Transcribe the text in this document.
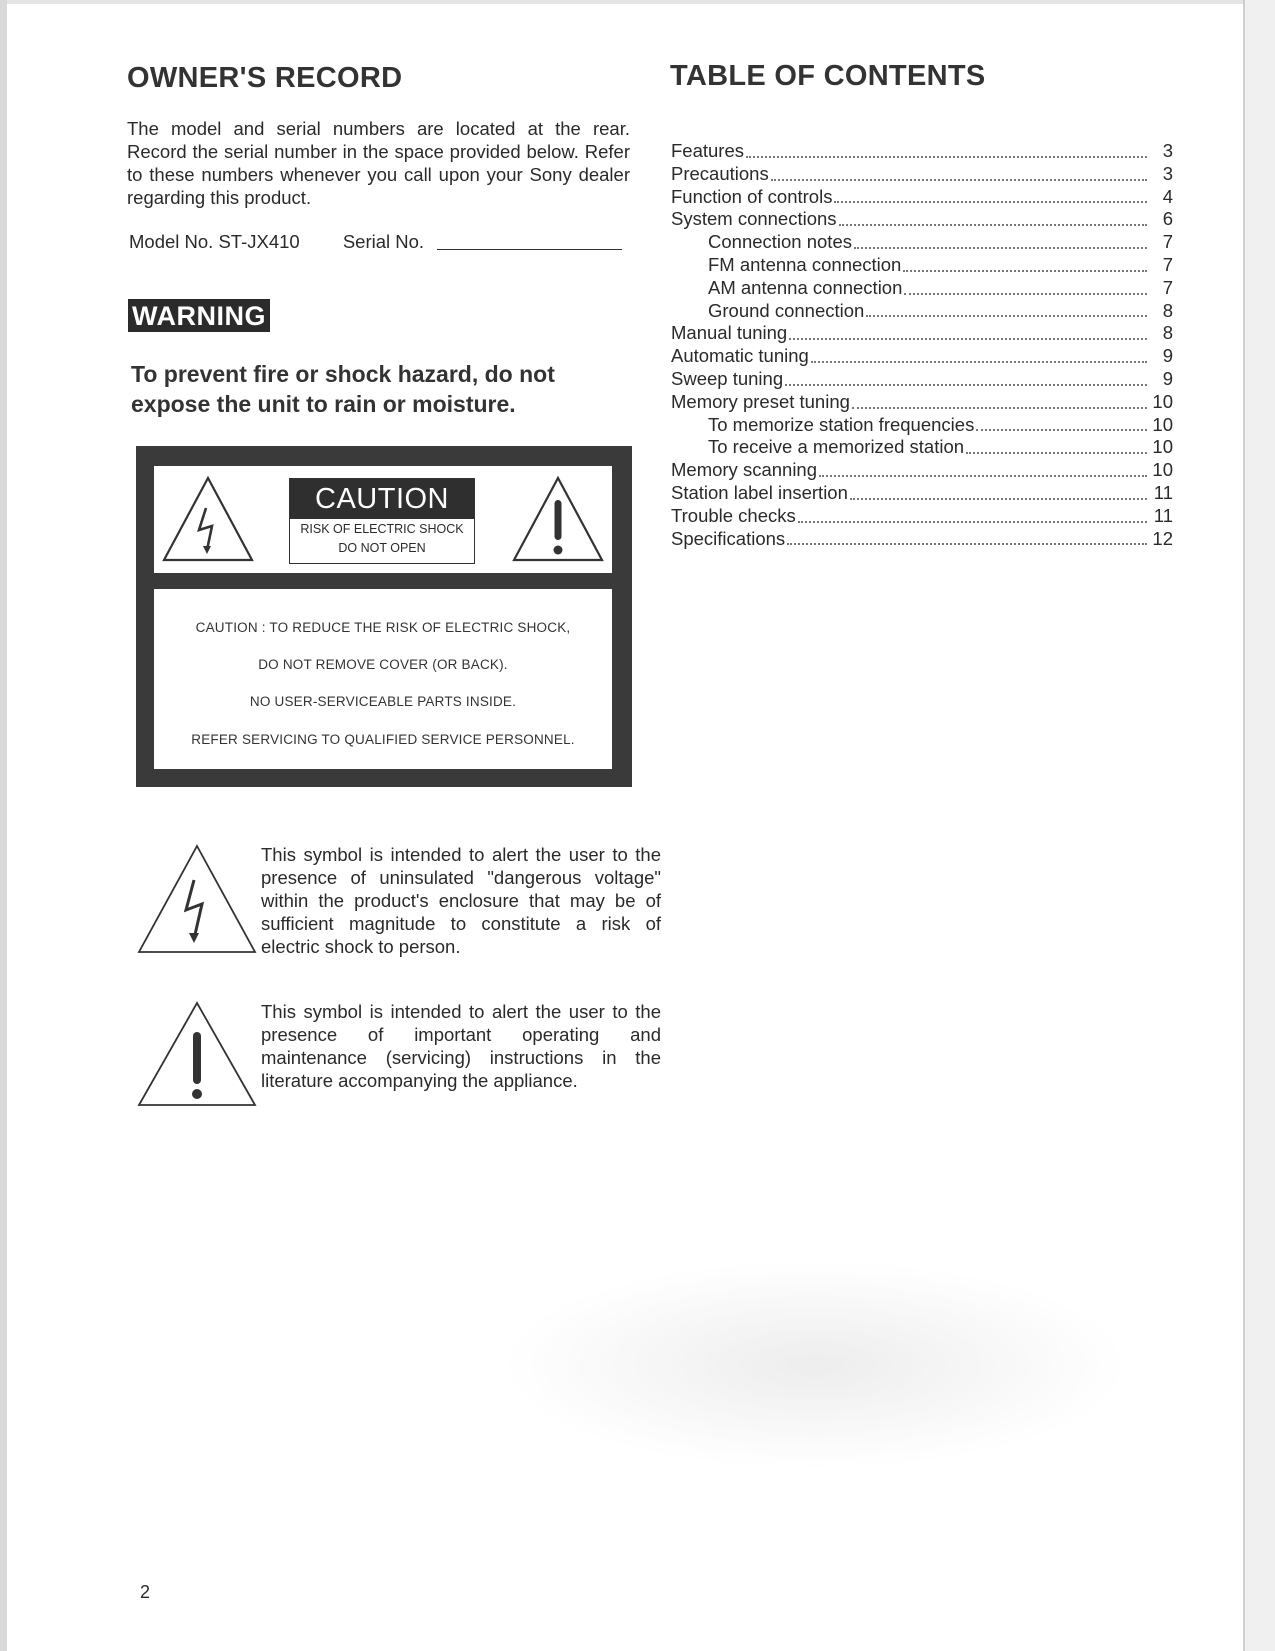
OWNER'S RECORD

The model and serial numbers are located at the rear. Record the serial number in the space provided below. Refer to these numbers whenever you call upon your Sony dealer regarding this product.

Model No. ST-JX410 Serial No.
WARNING

To prevent fire or shock hazard, do not expose the unit to rain or moisture.

CAUTION
RISK OF ELECTRIC SHOCK
DO NOT OPEN
CAUTION : TO REDUCE THE RISK OF ELECTRIC SHOCK,
DO NOT REMOVE COVER (OR BACK).
NO USER-SERVICEABLE PARTS INSIDE.
REFER SERVICING TO QUALIFIED SERVICE PERSONNEL.

This symbol is intended to alert the user to the presence of uninsulated "dangerous voltage" within the product's enclosure that may be of sufficient magnitude to constitute a risk of electric shock to person.

This symbol is intended to alert the user to the presence of important operating and maintenance (servicing) instructions in the literature accompanying the appliance.

TABLE OF CONTENTS
Features	3
Precautions	3
Function of controls	4
System connections	6
Connection notes	7
FM antenna connection	7
AM antenna connection	7
Ground connection	8
Manual tuning	8
Automatic tuning	9
Sweep tuning	9
Memory preset tuning	10
To memorize station frequencies	10
To receive a memorized station	10
Memory scanning	10
Station label insertion	11
Trouble checks	11
Specifications	12
2
